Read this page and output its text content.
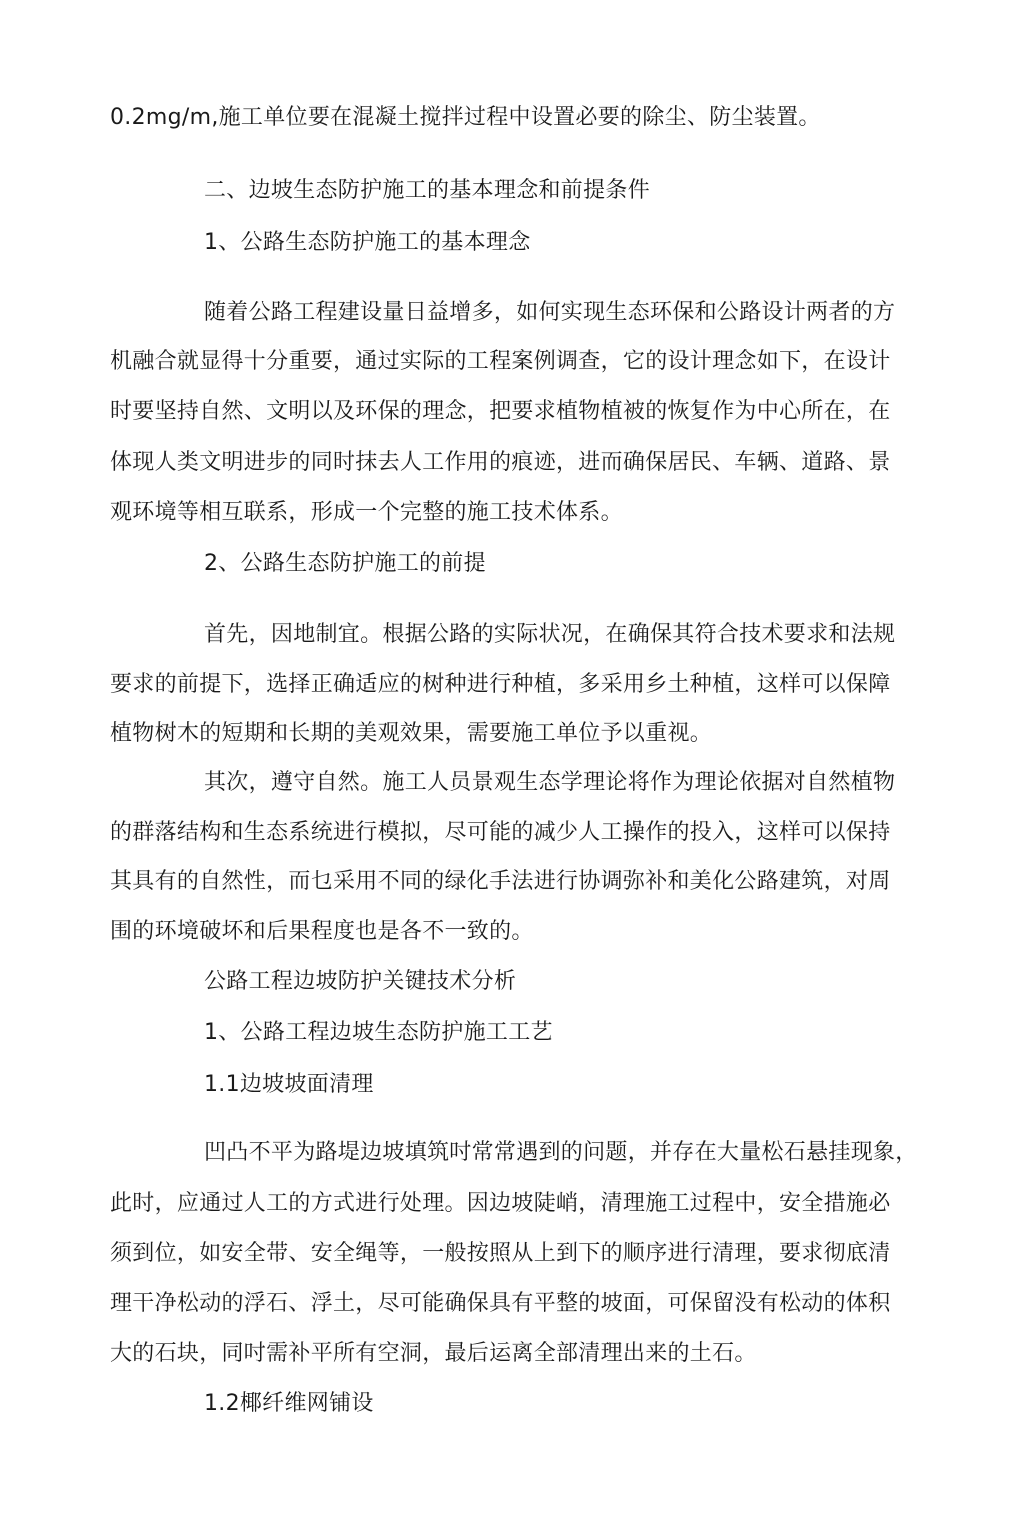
0.2mg/m,施工单位要在混凝土搅拌过程中设置必要的除尘、防尘装置。
二、边坡生态防护施工的基本理念和前提条件
1、公路生态防护施工的基本理念
随着公路工程建设量日益增多，如何实现生态环保和公路设计两者的方
机融合就显得十分重要，通过实际的工程案例调查，它的设计理念如下，在设计
时要坚持自然、文明以及环保的理念，把要求植物植被的恢复作为中心所在，在
体现人类文明进步的同时抹去人工作用的痕迹，进而确保居民、车辆、道路、景
观环境等相互联系，形成一个完整的施工技术体系。
2、公路生态防护施工的前提
首先，因地制宜。根据公路的实际状况，在确保其符合技术要求和法规
要求的前提下，选择正确适应的树种进行种植，多采用乡土种植，这样可以保障
植物树木的短期和长期的美观效果，需要施工单位予以重视。
其次，遵守自然。施工人员景观生态学理论将作为理论依据对自然植物
的群落结构和生态系统进行模拟，尽可能的减少人工操作的投入，这样可以保持
其具有的自然性，而乜采用不同的绿化手法进行协调弥补和美化公路建筑，对周
围的环境破坏和后果程度也是各不一致的。
公路工程边坡防护关键技术分析
1、公路工程边坡生态防护施工工艺
1.1边坡坡面清理
凹凸不平为路堤边坡填筑吋常常遇到的问题，并存在大量松石悬挂现象，
此时，应通过人工的方式进行处理。因边坡陡峭，清理施工过程中，安全措施必
须到位，如安全带、安全绳等，一般按照从上到下的顺序进行清理，要求彻底清
理干净松动的浮石、浮土，尽可能确保具有平整的坡面，可保留没有松动的体积
大的石块，同吋需补平所有空洞，最后运离全部清理出来的土石。
1.2椰纤维网铺设
